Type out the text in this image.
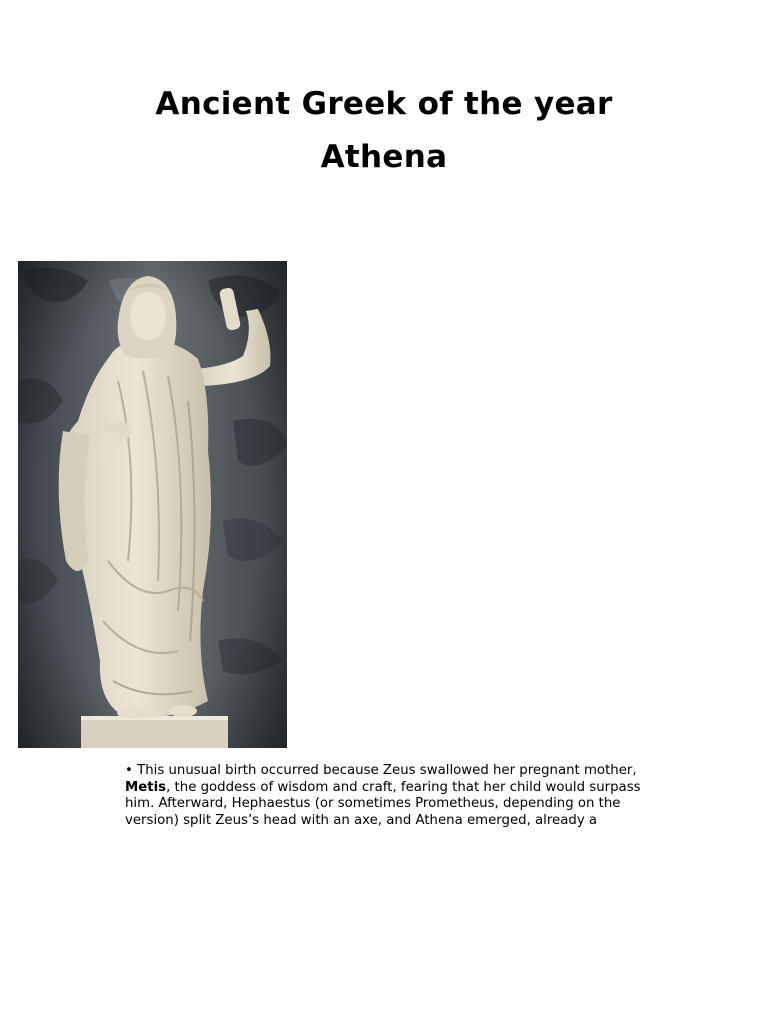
Ancient Greek of the year
Athena
• This unusual birth occurred because Zeus swallowed her pregnant mother, Metis, the goddess of wisdom and craft, fearing that her child would surpass him. Afterward, Hephaestus (or sometimes Prometheus, depending on the version) split Zeus’s head with an axe, and Athena emerged, already a
